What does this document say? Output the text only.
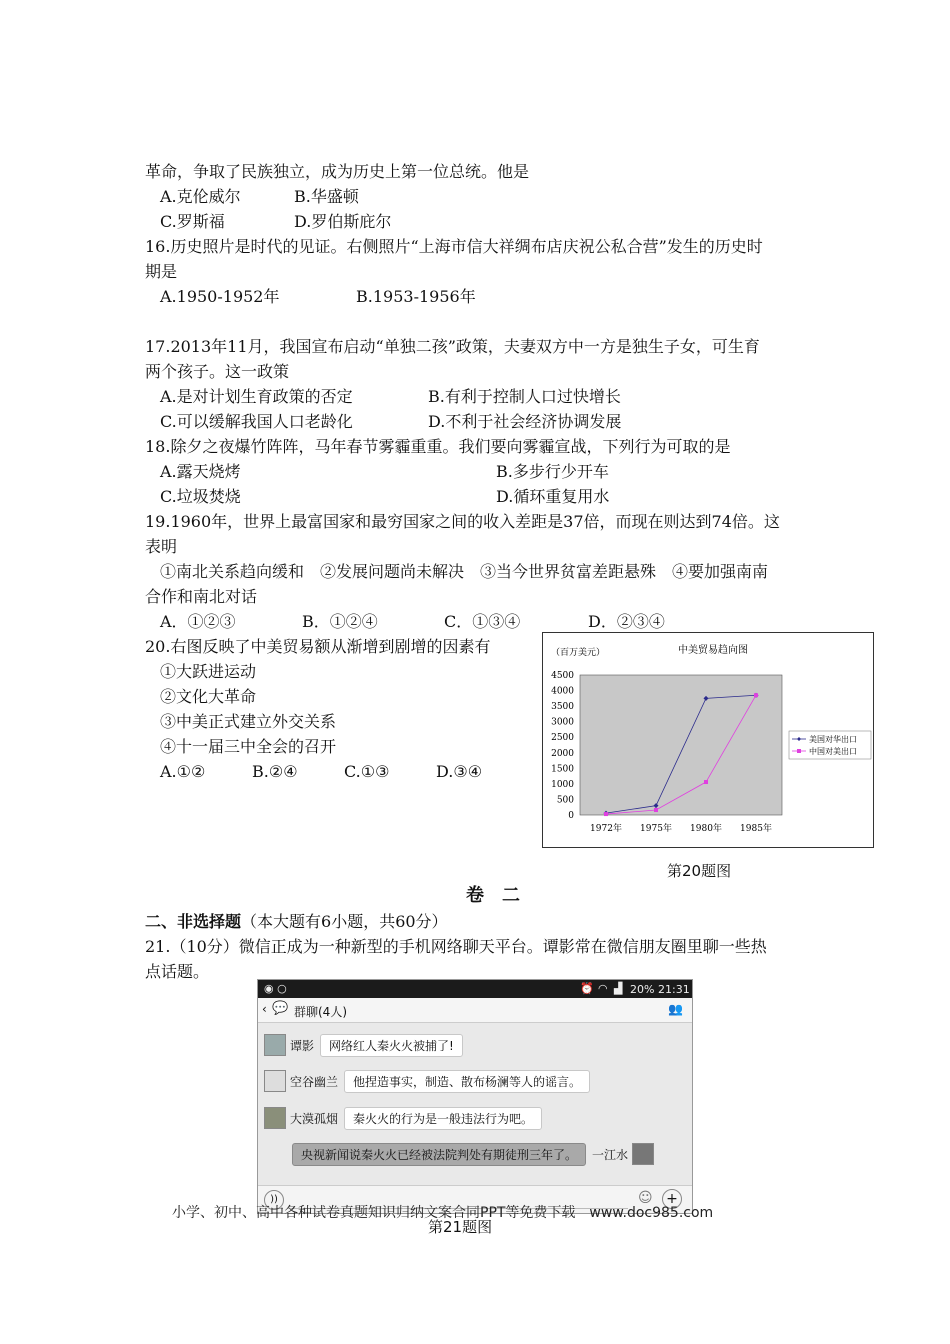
革命，争取了民族独立，成为历史上第一位总统。他是
A.克伦威尔	B.华盛顿
C.罗斯福	D.罗伯斯庇尔
16.历史照片是时代的见证。右侧照片“上海市信大祥绸布店庆祝公私合营”发生的历史时
期是
A.1950-1952年	B.1953-1956年
17.2013年11月，我国宣布启动“单独二孩”政策，夫妻双方中一方是独生子女，可生育
两个孩子。这一政策
A.是对计划生育政策的否定	B.有利于控制人口过快增长
C.可以缓解我国人口老龄化	D.不利于社会经济协调发展
18.除夕之夜爆竹阵阵，马年春节雾霾重重。我们要向雾霾宣战，下列行为可取的是
A.露天烧烤	B.多步行少开车
C.垃圾焚烧	D.循环重复用水
19.1960年，世界上最富国家和最穷国家之间的收入差距是37倍，而现在则达到74倍。这
表明
①南北关系趋向缓和　②发展问题尚未解决　③当今世界贫富差距悬殊　④要加强南南
合作和南北对话
A．①②③	B．①②④	C．①③④	D．②③④
20.右图反映了中美贸易额从渐增到剧增的因素有
①大跃进运动
②文化大革命
③中美正式建立外交关系
④十一届三中全会的召开
A.①②	B.②④	C.①③	D.③④
（百万美元）	中美贸易趋向图
0
500
1000
1500
2000
2500
3000
3500
4000
4500
1972年 1975年 1980年 1985年
美国对华出口
中国对美出口
第20题图
卷　二
二、非选择题（本大题有6小题，共60分）
21.（10分）微信正成为一种新型的手机网络聊天平台。谭影常在微信朋友圈里聊一些热
点话题。
◉ ○	⏰ ◠ ▟ 20% 21:31
‹ 💬 群聊(4人)	👥
谭影	网络红人秦火火被捕了!
空谷幽兰	他捏造事实，制造、散布杨澜等人的谣言。
大漠孤烟	秦火火的行为是一般违法行为吧。
央视新闻说秦火火已经被法院判处有期徒刑三年了。	一江水
))	☺ +
小学、初中、高中各种试卷真题知识归纳文案合同PPT等免费下载　www.doc985.com
第21题图
